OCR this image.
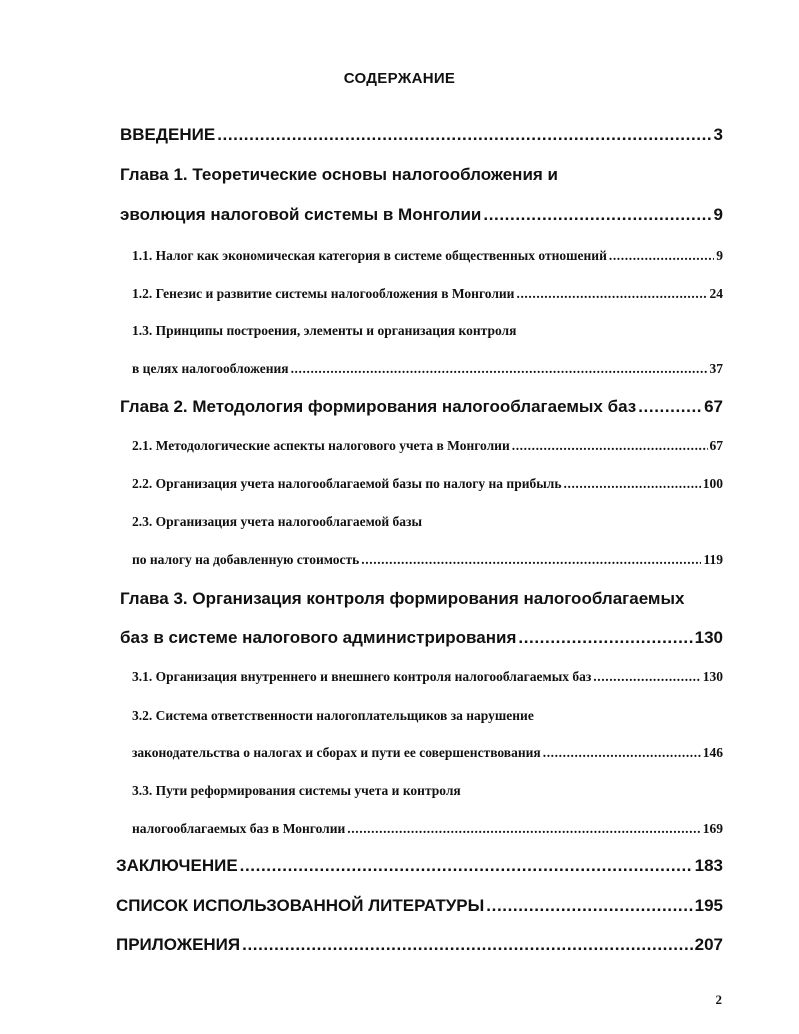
СОДЕРЖАНИЕ
ВВЕДЕНИЕ .....	3
Глава 1. Теоретические основы налогообложения и
эволюция налоговой системы в Монголии .....	9
1.1. Налог как экономическая категория в системе общественных отношений .....	9
1.2. Генезис и развитие системы налогообложения в Монголии .....	24
1.3. Принципы построения, элементы и организация контроля
в целях налогообложения .....	37
Глава 2. Методология формирования налогооблагаемых баз .....	67
2.1. Методологические аспекты налогового учета в Монголии .....	67
2.2. Организация учета налогооблагаемой базы по налогу на прибыль .....	100
2.3. Организация учета налогооблагаемой базы
по налогу на добавленную стоимость .....	119
Глава 3. Организация контроля формирования налогооблагаемых
баз в системе налогового администрирования .....	130
3.1. Организация внутреннего и внешнего контроля налогооблагаемых баз .....	130
3.2. Система ответственности налогоплательщиков за нарушение
законодательства о налогах и сборах и пути ее совершенствования .....	146
3.3. Пути реформирования системы учета и контроля
налогооблагаемых баз в Монголии .....	169
ЗАКЛЮЧЕНИЕ .....	183
СПИСОК ИСПОЛЬЗОВАННОЙ ЛИТЕРАТУРЫ .....	195
ПРИЛОЖЕНИЯ .....	207
2
